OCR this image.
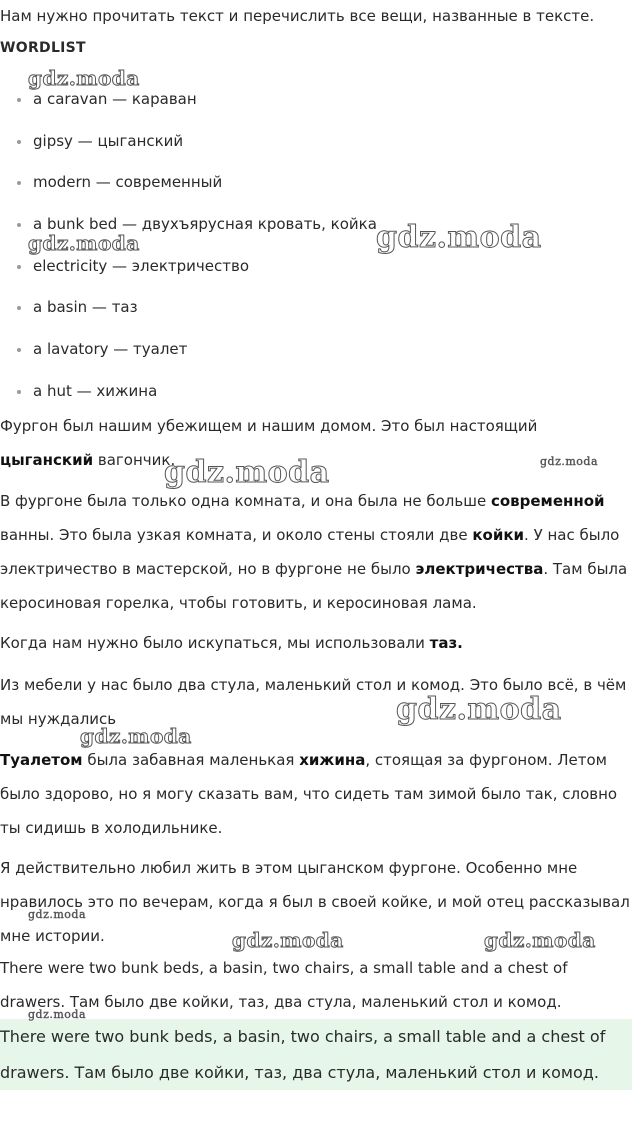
Нам нужно прочитать текст и перечислить все вещи, названные в тексте.
WORDLIST
a caravan — караван
gipsy — цыганский
modern — современный
a bunk bed — двухъярусная кровать, койка
electricity — электричество
a basin — таз
a lavatory — туалет
a hut — хижина

Фургон был нашим убежищем и нашим домом. Это был настоящий цыганский вагончик.

В фургоне была только одна комната, и она была не больше современной ванны. Это была узкая комната, и около стены стояли две койки. У нас было электричество в мастерской, но в фургоне не было электричества. Там была керосиновая горелка, чтобы готовить, и керосиновая лама.

Когда нам нужно было искупаться, мы использовали таз.

Из мебели у нас было два стула, маленький стол и комод. Это было всё, в чём мы нуждались

Туалетом была забавная маленькая хижина, стоящая за фургоном. Летом было здорово, но я могу сказать вам, что сидеть там зимой было так, словно ты сидишь в холодильнике.

Я действительно любил жить в этом цыганском фургоне. Особенно мне нравилось это по вечерам, когда я был в своей койке, и мой отец рассказывал мне истории.

There were two bunk beds, a basin, two chairs, a small table and a chest of
drawers. Там было две койки, таз, два стула, маленький стол и комод.

There were two bunk beds, a basin, two chairs, a small table and a chest of
drawers. Там было две койки, таз, два стула, маленький стол и комод.
gdz.moda
gdz.moda	gdz.moda
gdz.moda	gdz.moda
gdz.moda
gdz.moda
gdz.moda
gdz.moda	gdz.moda
gdz.moda
